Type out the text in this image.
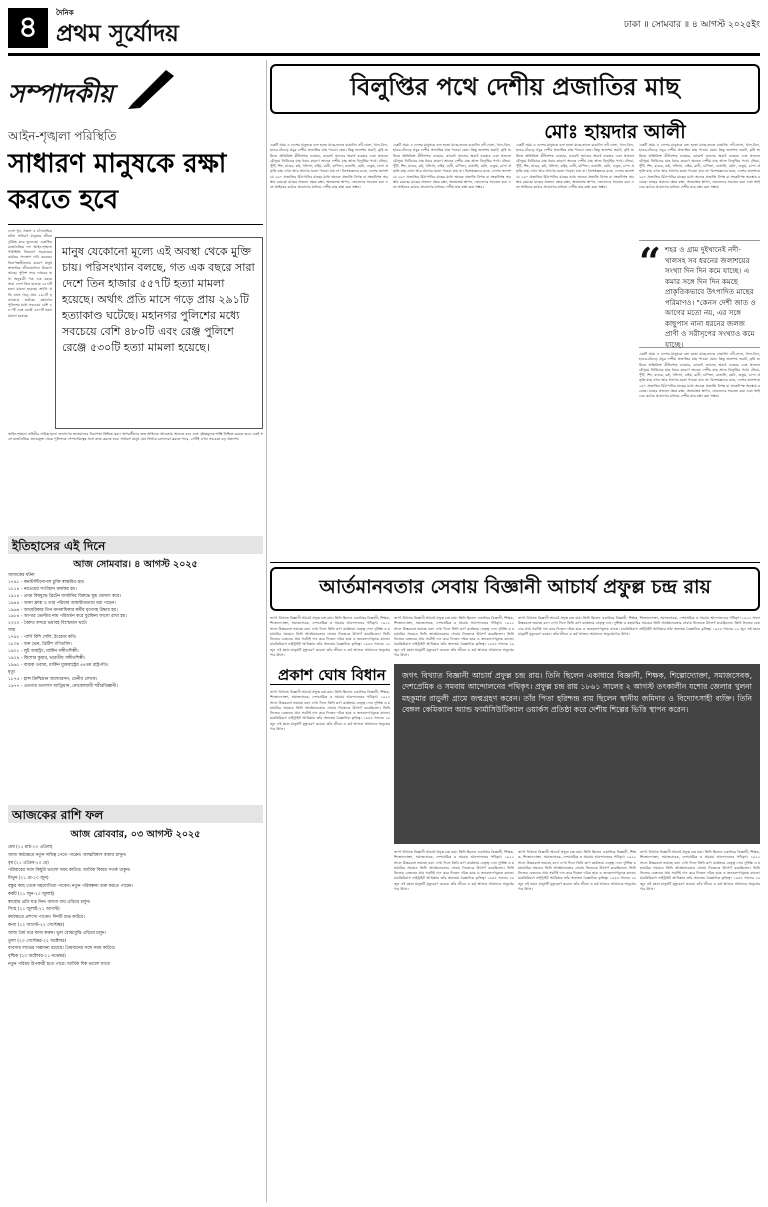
৪	দৈনিক
প্রথম সূর্যোদয়	ঢাকা ॥ সোমবার ॥ ৪ আগস্ট ২০২৫ইং
সম্পাদকীয়
আইন-শৃঙ্খলা পরিস্থিতি
সাধারণ মানুষকে রক্ষা করতে হবে
মানুষ যেকোনো মূল্যে এই অবস্থা থেকে মুক্তি চায়। পরিসংখ্যান বলছে, গত এক বছরে সারা দেশে তিন হাজার ৫৫৭টি হত্যা মামলা হয়েছে। অর্থাৎ প্রতি মাসে গড়ে প্রায় ২৯১টি হত্যাকাণ্ড ঘটেছে। মহানগর পুলিশের মধ্যে সবচেয়ে বেশি ৪৮০টি এবং রেঞ্জ পুলিশে রেঞ্জে ৫৩০টি হত্যা মামলা হয়েছে।
দেশে খুন, সন্ত্রাস ও চাঁদাবাজির ঘটনা সাধারণ মানুষের জীবন দুর্বিষহ করে তুলেছে। একাধিক রাজনৈতিক দল আইন-শৃঙ্খলা পরিস্থিতি নিয়ন্ত্রণে সরকারের কার্যকর পদক্ষেপ দাবি করেছে। নিরাপত্তাহীনতার কারণে মানুষ স্বাভাবিক জীবনযাপনে উদ্বেগে আছে। পুলিশ সদর দপ্তরের তথ্য অনুযায়ী গত এক বছরে সারা দেশে তিন হাজার ৫৫৭টি হত্যা মামলা হয়েছে। অর্থাৎ প্রতি মাসে গড়ে প্রায় ২৯১টি হত্যাকাণ্ড ঘটেছে। মহানগর পুলিশের মধ্যে সবচেয়ে বেশি ৪৮০টি এবং রেঞ্জে ৫৩০টি হত্যা মামলা হয়েছে।
আইন-শৃঙ্খলা বাহিনীর দায়িত্ব হলো জনগণের জানমালের নিরাপত্তা নিশ্চিত করা। অপরাধীদের দ্রুত আইনের আওতায় আনতে হবে এবং দৃষ্টান্তমূলক শাস্তি নিশ্চিত করতে হবে। একই সঙ্গে রাজনৈতিক প্রভাবমুক্ত থেকে পুলিশকে পেশাদারিত্বের সঙ্গে কাজ করতে হবে। সাধারণ মানুষ যেন নির্ভয়ে চলাফেরা করতে পারে, সেটিই এখন সবচেয়ে বড় প্রত্যাশা।
ইতিহাসের এই দিনে
আজ সোমবার। ৪ আগস্ট ২০২৫
আজকের ঘটনা
১৭৯১ - কনস্টান্টিনোপল চুক্তি স্বাক্ষরিত হয়।
১৮১৪ - নরওয়ের সংবিধান কার্যকর হয়।
১৯১৪ - প্রথম বিশ্বযুদ্ধে ব্রিটেন জার্মানির বিরুদ্ধে যুদ্ধ ঘোষণা করে।
১৯৪৪ - আনা ফ্রাঙ্ক ও তার পরিবার আমস্টারডামে ধরা পড়েন।
১৯৬৪ - আমেরিকার তিন মানবাধিকার কর্মীর মৃতদেহ উদ্ধার হয়।
১৯৮৪ - আপার ভোল্টার নাম পরিবর্তন করে বুরকিনা ফাসো রাখা হয়।
২০২০ - বৈরুত বন্দরে ভয়াবহ বিস্ফোরণ ঘটে।
জন্ম
১৭৯২ - পার্সি বিশি শেলি, ইংরেজ কবি।
১৮৩৪ - জন ভেন, ব্রিটিশ গণিতবিদ।
১৯০১ - লুই আর্মস্ট্রং, মার্কিন সঙ্গীতশিল্পী।
১৯২৯ - কিশোর কুমার, ভারতীয় সঙ্গীতশিল্পী।
১৯৬১ - বারাক ওবামা, মার্কিন যুক্তরাষ্ট্রের ৪৪তম রাষ্ট্রপতি।
মৃত্যু
১৮৭৫ - হান্স ক্রিশ্চিয়ান অ্যান্ডারসন, ডেনীয় লেখক।
১৯৭৭ - এডগার ডগলাস আড্রিয়ান, নোবেলজয়ী শরীরবিজ্ঞানী।
আজকের রাশি ফল
আজ রোববার, ০৩ আগস্ট ২০২৫
মেষ (২১ মার্চ-২০ এপ্রিল)
আজ কর্মক্ষেত্রে নতুন দায়িত্ব পেতে পারেন। আত্মবিশ্বাস বজায় রাখুন।
বৃষ (২১ এপ্রিল-২০ মে)
পরিবারের সঙ্গে কিছুটা ভালো সময় কাটবে। আর্থিক বিষয়ে সতর্ক থাকুন।
মিথুন (২১ মে-২০ জুন)
বন্ধুর কাছ থেকে সহযোগিতা পাবেন। নতুন পরিকল্পনা শুরু করতে পারেন।
কর্কট (২১ জুন-২০ জুলাই)
স্বাস্থ্যের প্রতি যত্ন নিন। অযথা ব্যয় এড়িয়ে চলুন।
সিংহ (২১ জুলাই-২১ আগস্ট)
কর্মক্ষেত্রে প্রশংসা পাবেন। দিনটি শুভ কাটবে।
কন্যা (২২ আগস্ট-২২ সেপ্টেম্বর)
আজ ধৈর্য ধরে কাজ করুন। ভুল বোঝাবুঝি এড়িয়ে চলুন।
তুলা (২৩ সেপ্টেম্বর-২২ অক্টোবর)
ব্যবসায় লাভের সম্ভাবনা রয়েছে। প্রিয়জনের সঙ্গে সময় কাটবে।
বৃশ্চিক (২৩ অক্টোবর-২১ নভেম্বর)
নতুন পরিচয় উপকারী হতে পারে। আর্থিক দিক ভালো যাবে।
বিলুপ্তির পথে দেশীয় প্রজাতির মাছ
মোঃ হায়দার আলী
একটি সময় এ দেশের মানুষকে বলা হতো মাছে-ভাতে বাঙালি। নদী-নালা, খাল-বিল, হাওর-বাঁওড়ে প্রচুর দেশীয় প্রজাতির মাছ পাওয়া যেত। কিন্তু জলাশয় ভরাট, কৃষি জমিতে অতিরিক্ত কীটনাশক ব্যবহার, কারেন্ট জালের অবাধ ব্যবহার এবং প্রজনন মৌসুমে নির্বিচারে মাছ ধরার কারণে অনেক দেশীয় মাছ আজ বিলুপ্তির পথে। টেংরা, পুঁটি, শিং, মাগুর, কই, খলিসা, বাইম, রানী, চাপিলা, বাতাসি, মেনি, গুতুম, চান্দা প্রভৃতি মাছ এখন আর আগের মতো পাওয়া যায় না। বিশেষজ্ঞদের মতে, দেশের জলাশয়ে ২৬০ প্রজাতির মিঠাপানির মাছের মধ্যে অনেক প্রজাতি বিপন্ন বা সংকটাপন্ন অবস্থায় রয়েছে। মাছের প্রজনন ক্ষেত্র রক্ষা, অভয়াশ্রম স্থাপন, জেলেদের সচেতন করা এবং আইনের কঠোর প্রয়োগের মাধ্যমে দেশীয় মাছ রক্ষা করা সম্ভব।
একটি সময় এ দেশের মানুষকে বলা হতো মাছে-ভাতে বাঙালি। নদী-নালা, খাল-বিল, হাওর-বাঁওড়ে প্রচুর দেশীয় প্রজাতির মাছ পাওয়া যেত। কিন্তু জলাশয় ভরাট, কৃষি জমিতে অতিরিক্ত কীটনাশক ব্যবহার, কারেন্ট জালের অবাধ ব্যবহার এবং প্রজনন মৌসুমে নির্বিচারে মাছ ধরার কারণে অনেক দেশীয় মাছ আজ বিলুপ্তির পথে। টেংরা, পুঁটি, শিং, মাগুর, কই, খলিসা, বাইম, রানী, চাপিলা, বাতাসি, মেনি, গুতুম, চান্দা প্রভৃতি মাছ এখন আর আগের মতো পাওয়া যায় না। বিশেষজ্ঞদের মতে, দেশের জলাশয়ে ২৬০ প্রজাতির মিঠাপানির মাছের মধ্যে অনেক প্রজাতি বিপন্ন বা সংকটাপন্ন অবস্থায় রয়েছে। মাছের প্রজনন ক্ষেত্র রক্ষা, অভয়াশ্রম স্থাপন, জেলেদের সচেতন করা এবং আইনের কঠোর প্রয়োগের মাধ্যমে দেশীয় মাছ রক্ষা করা সম্ভব।
একটি সময় এ দেশের মানুষকে বলা হতো মাছে-ভাতে বাঙালি। নদী-নালা, খাল-বিল, হাওর-বাঁওড়ে প্রচুর দেশীয় প্রজাতির মাছ পাওয়া যেত। কিন্তু জলাশয় ভরাট, কৃষি জমিতে অতিরিক্ত কীটনাশক ব্যবহার, কারেন্ট জালের অবাধ ব্যবহার এবং প্রজনন মৌসুমে নির্বিচারে মাছ ধরার কারণে অনেক দেশীয় মাছ আজ বিলুপ্তির পথে। টেংরা, পুঁটি, শিং, মাগুর, কই, খলিসা, বাইম, রানী, চাপিলা, বাতাসি, মেনি, গুতুম, চান্দা প্রভৃতি মাছ এখন আর আগের মতো পাওয়া যায় না। বিশেষজ্ঞদের মতে, দেশের জলাশয়ে ২৬০ প্রজাতির মিঠাপানির মাছের মধ্যে অনেক প্রজাতি বিপন্ন বা সংকটাপন্ন অবস্থায় রয়েছে। মাছের প্রজনন ক্ষেত্র রক্ষা, অভয়াশ্রম স্থাপন, জেলেদের সচেতন করা এবং আইনের কঠোর প্রয়োগের মাধ্যমে দেশীয় মাছ রক্ষা করা সম্ভব।
একটি সময় এ দেশের মানুষকে বলা হতো মাছে-ভাতে বাঙালি। নদী-নালা, খাল-বিল, হাওর-বাঁওড়ে প্রচুর দেশীয় প্রজাতির মাছ পাওয়া যেত। কিন্তু জলাশয় ভরাট, কৃষি জমিতে অতিরিক্ত কীটনাশক ব্যবহার, কারেন্ট জালের অবাধ ব্যবহার এবং প্রজনন মৌসুমে নির্বিচারে মাছ ধরার কারণে অনেক দেশীয় মাছ আজ বিলুপ্তির পথে। টেংরা, পুঁটি, শিং, মাগুর, কই, খলিসা, বাইম, রানী, চাপিলা, বাতাসি, মেনি, গুতুম, চান্দা প্রভৃতি মাছ এখন আর আগের মতো পাওয়া যায় না। বিশেষজ্ঞদের মতে, দেশের জলাশয়ে ২৬০ প্রজাতির মিঠাপানির মাছের মধ্যে অনেক প্রজাতি বিপন্ন বা সংকটাপন্ন অবস্থায় রয়েছে। মাছের প্রজনন ক্ষেত্র রক্ষা, অভয়াশ্রম স্থাপন, জেলেদের সচেতন করা এবং আইনের কঠোর প্রয়োগের মাধ্যমে দেশীয় মাছ রক্ষা করা সম্ভব।
“ শহর ও গ্রাম দুইখানেই নদী-খালসহ সব ধরনের জলাশয়ের সংখ্যা দিন দিন কমে যাচ্ছে। এ কমার সঙ্গে দিন দিন কমছে প্রাকৃতিকভাবে উৎপাদিত মাছের পরিমাণও। "কেনস দেশী জাত ও আগের মতো নয়, এর সঙ্গে কাছুপাস নানা ধরনের জলজ প্রাণী ও সরীসৃপের সংখ্যাও কমে যাচ্ছে।
একটি সময় এ দেশের মানুষকে বলা হতো মাছে-ভাতে বাঙালি। নদী-নালা, খাল-বিল, হাওর-বাঁওড়ে প্রচুর দেশীয় প্রজাতির মাছ পাওয়া যেত। কিন্তু জলাশয় ভরাট, কৃষি জমিতে অতিরিক্ত কীটনাশক ব্যবহার, কারেন্ট জালের অবাধ ব্যবহার এবং প্রজনন মৌসুমে নির্বিচারে মাছ ধরার কারণে অনেক দেশীয় মাছ আজ বিলুপ্তির পথে। টেংরা, পুঁটি, শিং, মাগুর, কই, খলিসা, বাইম, রানী, চাপিলা, বাতাসি, মেনি, গুতুম, চান্দা প্রভৃতি মাছ এখন আর আগের মতো পাওয়া যায় না। বিশেষজ্ঞদের মতে, দেশের জলাশয়ে ২৬০ প্রজাতির মিঠাপানির মাছের মধ্যে অনেক প্রজাতি বিপন্ন বা সংকটাপন্ন অবস্থায় রয়েছে। মাছের প্রজনন ক্ষেত্র রক্ষা, অভয়াশ্রম স্থাপন, জেলেদের সচেতন করা এবং আইনের কঠোর প্রয়োগের মাধ্যমে দেশীয় মাছ রক্ষা করা সম্ভব।
আর্তমানবতার সেবায় বিজ্ঞানী আচার্য প্রফুল্ল চন্দ্র রায়
জগৎ বিখ্যাত বিজ্ঞানী আচার্য প্রফুল্ল চন্দ্র রায়। তিনি ছিলেন একাধারে বিজ্ঞানী, শিক্ষক, শিল্পোদ্যোক্তা, সমাজসেবক, দেশপ্রেমিক ও সমবায় আন্দোলনের পথিকৃৎ। ১৯২২ সালে উত্তরবঙ্গে ভয়াবহ বন্যা দেখা দিলে তিনি ত্রাণ কার্যক্রমে নেতৃত্ব দেন। দুর্ভিক্ষ ও মহামারির সময়েও তিনি আর্তমানবতার সেবায় নিজেকে উৎসর্গ করেছিলেন। তিনি নিজের বেতনের প্রায় সবটাই দান করে দিতেন দরিদ্র ছাত্র ও জনকল্যাণমূলক কাজে। মারকিউরাস নাইট্রাইট আবিষ্কার তাঁর অন্যতম বৈজ্ঞানিক কৃতিত্ব। ১৯৪৪ সালের ১৬ জুন এই মহান মানুষটি মৃত্যুবরণ করেন। তাঁর জীবন ও কর্ম আজও আমাদের অনুপ্রেরণার উৎস।
প্রকাশ ঘোষ বিধান
জগৎ বিখ্যাত বিজ্ঞানী আচার্য প্রফুল্ল চন্দ্র রায়। তিনি ছিলেন একাধারে বিজ্ঞানী, শিক্ষক, শিল্পোদ্যোক্তা, সমাজসেবক, দেশপ্রেমিক ও সমবায় আন্দোলনের পথিকৃৎ। ১৯২২ সালে উত্তরবঙ্গে ভয়াবহ বন্যা দেখা দিলে তিনি ত্রাণ কার্যক্রমে নেতৃত্ব দেন। দুর্ভিক্ষ ও মহামারির সময়েও তিনি আর্তমানবতার সেবায় নিজেকে উৎসর্গ করেছিলেন। তিনি নিজের বেতনের প্রায় সবটাই দান করে দিতেন দরিদ্র ছাত্র ও জনকল্যাণমূলক কাজে। মারকিউরাস নাইট্রাইট আবিষ্কার তাঁর অন্যতম বৈজ্ঞানিক কৃতিত্ব। ১৯৪৪ সালের ১৬ জুন এই মহান মানুষটি মৃত্যুবরণ করেন। তাঁর জীবন ও কর্ম আজও আমাদের অনুপ্রেরণার উৎস।
জগৎ বিখ্যাত বিজ্ঞানী আচার্য প্রফুল্ল চন্দ্র রায়। তিনি ছিলেন একাধারে বিজ্ঞানী, শিক্ষক, শিল্পোদ্যোক্তা, সমাজসেবক, দেশপ্রেমিক ও সমবায় আন্দোলনের পথিকৃৎ। ১৯২২ সালে উত্তরবঙ্গে ভয়াবহ বন্যা দেখা দিলে তিনি ত্রাণ কার্যক্রমে নেতৃত্ব দেন। দুর্ভিক্ষ ও মহামারির সময়েও তিনি আর্তমানবতার সেবায় নিজেকে উৎসর্গ করেছিলেন। তিনি নিজের বেতনের প্রায় সবটাই দান করে দিতেন দরিদ্র ছাত্র ও জনকল্যাণমূলক কাজে। মারকিউরাস নাইট্রাইট আবিষ্কার তাঁর অন্যতম বৈজ্ঞানিক কৃতিত্ব। ১৯৪৪ সালের ১৬ জুন এই মহান মানুষটি মৃত্যুবরণ করেন। তাঁর জীবন ও কর্ম আজও আমাদের অনুপ্রেরণার উৎস।
জগৎ বিখ্যাত বিজ্ঞানী আচার্য প্রফুল্ল চন্দ্র রায়। তিনি ছিলেন একাধারে বিজ্ঞানী, শিক্ষক, শিল্পোদ্যোক্তা, সমাজসেবক, দেশপ্রেমিক ও সমবায় আন্দোলনের পথিকৃৎ। প্রফুল্ল চন্দ্র রায় ১৮৬১ সালের ২ আগস্ট তৎকালীন যশোর জেলার খুলনা মহকুমার রাড়ুলী গ্রামে জন্মগ্রহণ করেন। তাঁর পিতা হরিশ্চন্দ্র রায় ছিলেন স্থানীয় জমিদার ও বিদ্যোৎসাহী ব্যক্তি। তিনি বেঙ্গল কেমিক্যাল অ্যান্ড ফার্মাসিউটিক্যাল ওয়ার্কস প্রতিষ্ঠা করে দেশীয় শিল্পের ভিত্তি স্থাপন করেন।
জগৎ বিখ্যাত বিজ্ঞানী আচার্য প্রফুল্ল চন্দ্র রায়। তিনি ছিলেন একাধারে বিজ্ঞানী, শিক্ষক, শিল্পোদ্যোক্তা, সমাজসেবক, দেশপ্রেমিক ও সমবায় আন্দোলনের পথিকৃৎ। ১৯২২ সালে উত্তরবঙ্গে ভয়াবহ বন্যা দেখা দিলে তিনি ত্রাণ কার্যক্রমে নেতৃত্ব দেন। দুর্ভিক্ষ ও মহামারির সময়েও তিনি আর্তমানবতার সেবায় নিজেকে উৎসর্গ করেছিলেন। তিনি নিজের বেতনের প্রায় সবটাই দান করে দিতেন দরিদ্র ছাত্র ও জনকল্যাণমূলক কাজে। মারকিউরাস নাইট্রাইট আবিষ্কার তাঁর অন্যতম বৈজ্ঞানিক কৃতিত্ব। ১৯৪৪ সালের ১৬ জুন এই মহান মানুষটি মৃত্যুবরণ করেন। তাঁর জীবন ও কর্ম আজও আমাদের অনুপ্রেরণার উৎস।
জগৎ বিখ্যাত বিজ্ঞানী আচার্য প্রফুল্ল চন্দ্র রায়। তিনি ছিলেন একাধারে বিজ্ঞানী, শিক্ষক, শিল্পোদ্যোক্তা, সমাজসেবক, দেশপ্রেমিক ও সমবায় আন্দোলনের পথিকৃৎ। ১৯২২ সালে উত্তরবঙ্গে ভয়াবহ বন্যা দেখা দিলে তিনি ত্রাণ কার্যক্রমে নেতৃত্ব দেন। দুর্ভিক্ষ ও মহামারির সময়েও তিনি আর্তমানবতার সেবায় নিজেকে উৎসর্গ করেছিলেন। তিনি নিজের বেতনের প্রায় সবটাই দান করে দিতেন দরিদ্র ছাত্র ও জনকল্যাণমূলক কাজে। মারকিউরাস নাইট্রাইট আবিষ্কার তাঁর অন্যতম বৈজ্ঞানিক কৃতিত্ব। ১৯৪৪ সালের ১৬ জুন এই মহান মানুষটি মৃত্যুবরণ করেন। তাঁর জীবন ও কর্ম আজও আমাদের অনুপ্রেরণার উৎস।
জগৎ বিখ্যাত বিজ্ঞানী আচার্য প্রফুল্ল চন্দ্র রায়। তিনি ছিলেন একাধারে বিজ্ঞানী, শিক্ষক, শিল্পোদ্যোক্তা, সমাজসেবক, দেশপ্রেমিক ও সমবায় আন্দোলনের পথিকৃৎ। ১৯২২ সালে উত্তরবঙ্গে ভয়াবহ বন্যা দেখা দিলে তিনি ত্রাণ কার্যক্রমে নেতৃত্ব দেন। দুর্ভিক্ষ ও মহামারির সময়েও তিনি আর্তমানবতার সেবায় নিজেকে উৎসর্গ করেছিলেন। তিনি নিজের বেতনের প্রায় সবটাই দান করে দিতেন দরিদ্র ছাত্র ও জনকল্যাণমূলক কাজে। মারকিউরাস নাইট্রাইট আবিষ্কার তাঁর অন্যতম বৈজ্ঞানিক কৃতিত্ব। ১৯৪৪ সালের ১৬ জুন এই মহান মানুষটি মৃত্যুবরণ করেন। তাঁর জীবন ও কর্ম আজও আমাদের অনুপ্রেরণার উৎস।
জগৎ বিখ্যাত বিজ্ঞানী আচার্য প্রফুল্ল চন্দ্র রায়। তিনি ছিলেন একাধারে বিজ্ঞানী, শিক্ষক, শিল্পোদ্যোক্তা, সমাজসেবক, দেশপ্রেমিক ও সমবায় আন্দোলনের পথিকৃৎ। ১৯২২ সালে উত্তরবঙ্গে ভয়াবহ বন্যা দেখা দিলে তিনি ত্রাণ কার্যক্রমে নেতৃত্ব দেন। দুর্ভিক্ষ ও মহামারির সময়েও তিনি আর্তমানবতার সেবায় নিজেকে উৎসর্গ করেছিলেন। তিনি নিজের বেতনের প্রায় সবটাই দান করে দিতেন দরিদ্র ছাত্র ও জনকল্যাণমূলক কাজে। মারকিউরাস নাইট্রাইট আবিষ্কার তাঁর অন্যতম বৈজ্ঞানিক কৃতিত্ব। ১৯৪৪ সালের ১৬ জুন এই মহান মানুষটি মৃত্যুবরণ করেন। তাঁর জীবন ও কর্ম আজও আমাদের অনুপ্রেরণার উৎস।
